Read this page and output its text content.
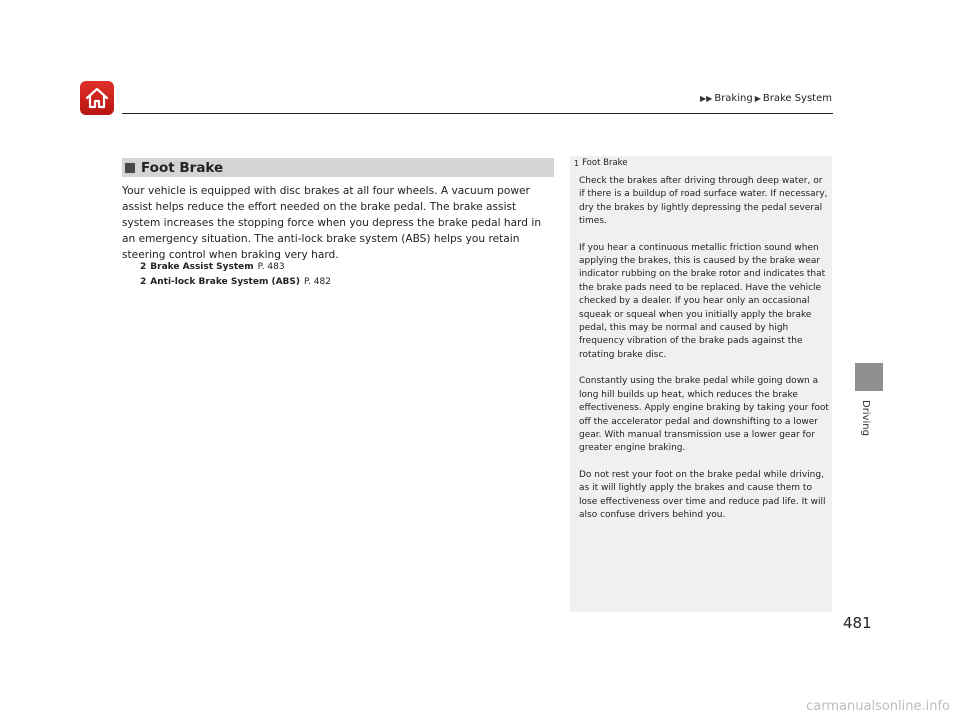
▶▶ Braking ▶ Brake System
Foot Brake
Your vehicle is equipped with disc brakes at all four wheels. A vacuum power assist helps reduce the effort needed on the brake pedal. The brake assist system increases the stopping force when you depress the brake pedal hard in an emergency situation. The anti-lock brake system (ABS) helps you retain steering control when braking very hard.
2 Brake Assist System P. 483
2 Anti-lock Brake System (ABS) P. 482
1 Foot Brake

Check the brakes after driving through deep water, or if there is a buildup of road surface water. If necessary, dry the brakes by lightly depressing the pedal several times.

If you hear a continuous metallic friction sound when applying the brakes, this is caused by the brake wear indicator rubbing on the brake rotor and indicates that the brake pads need to be replaced. Have the vehicle checked by a dealer. If you hear only an occasional squeak or squeal when you initially apply the brake pedal, this may be normal and caused by high frequency vibration of the brake pads against the rotating brake disc.

Constantly using the brake pedal while going down a long hill builds up heat, which reduces the brake effectiveness. Apply engine braking by taking your foot off the accelerator pedal and downshifting to a lower gear. With manual transmission use a lower gear for greater engine braking.

Do not rest your foot on the brake pedal while driving, as it will lightly apply the brakes and cause them to lose effectiveness over time and reduce pad life. It will also confuse drivers behind you.

Driving
481
carmanualsonline.info
